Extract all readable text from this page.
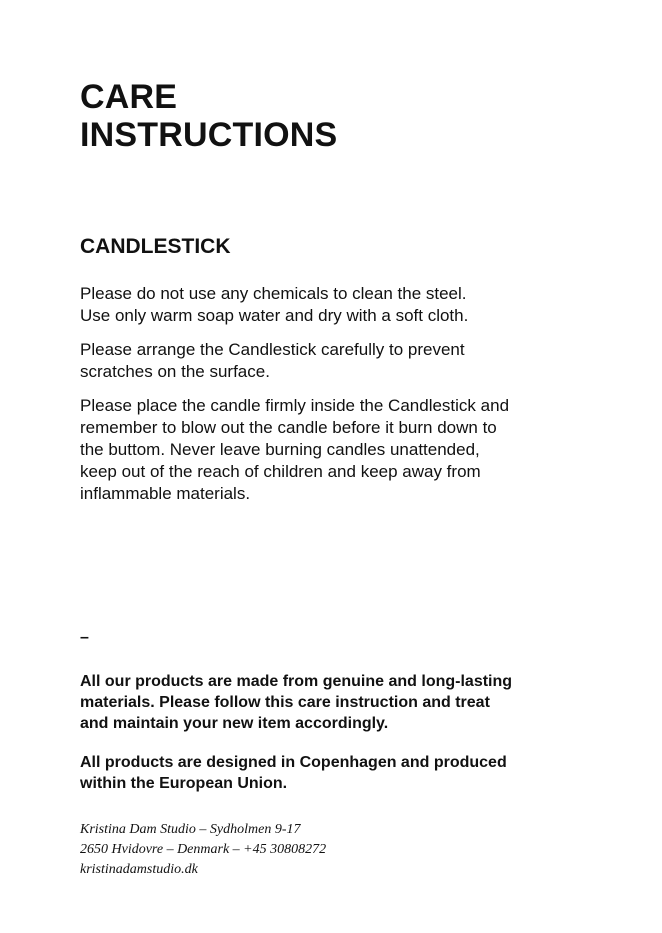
CARE
INSTRUCTIONS
CANDLESTICK

Please do not use any chemicals to clean the steel.
Use only warm soap water and dry with a soft cloth.

Please arrange the Candlestick carefully to prevent
scratches on the surface.

Please place the candle firmly inside the Candlestick and
remember to blow out the candle before it burn down to
the buttom. Never leave burning candles unattended,
keep out of the reach of children and keep away from
inflammable materials.

–

All our products are made from genuine and long-lasting
materials. Please follow this care instruction and treat
and maintain your new item accordingly.

All products are designed in Copenhagen and produced
within the European Union.

Kristina Dam Studio – Sydholmen 9-17
2650 Hvidovre – Denmark – +45 30808272
kristinadamstudio.dk
